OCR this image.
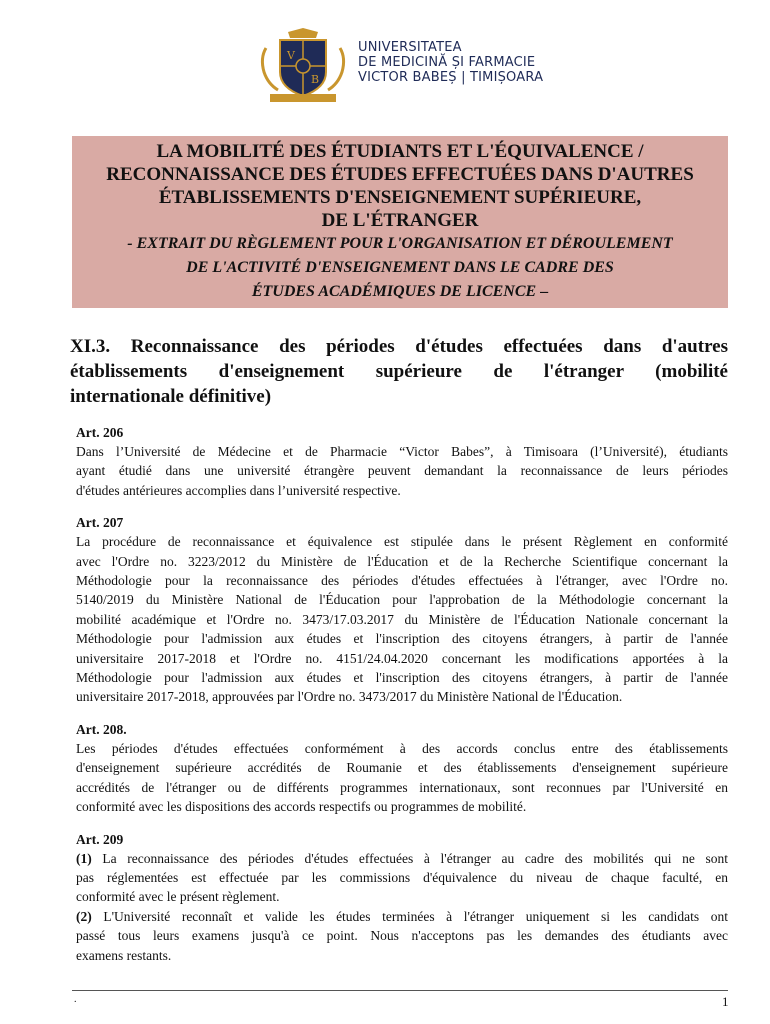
V
B
UNIVERSITATEA
DE MEDICINĂ ȘI FARMACIE
VICTOR BABEȘ | TIMIȘOARA
LA MOBILITÉ DES ÉTUDIANTS ET L'ÉQUIVALENCE /
RECONNAISSANCE DES ÉTUDES EFFECTUÉES DANS D'AUTRES
ÉTABLISSEMENTS D'ENSEIGNEMENT SUPÉRIEURE,
DE L'ÉTRANGER
- EXTRAIT DU RÈGLEMENT POUR L'ORGANISATION ET DÉROULEMENT
DE L'ACTIVITÉ D'ENSEIGNEMENT DANS LE CADRE DES
ÉTUDES ACADÉMIQUES DE LICENCE –
XI.3. Reconnaissance des périodes d'études effectuées dans d'autres
établissements d'enseignement supérieure de l'étranger (mobilité
internationale définitive)
Art. 206
Dans l’Université de Médecine et de Pharmacie “Victor Babes”, à Timisoara (l’Université), étudiants
ayant étudié dans une université étrangère peuvent demandant la reconnaissance de leurs périodes
d'études antérieures accomplies dans l’université respective.
Art. 207
La procédure de reconnaissance et équivalence est stipulée dans le présent Règlement en conformité
avec l'Ordre no. 3223/2012 du Ministère de l'Éducation et de la Recherche Scientifique concernant la
Méthodologie pour la reconnaissance des périodes d'études effectuées à l'étranger, avec l'Ordre no.
5140/2019 du Ministère National de l'Éducation pour l'approbation de la Méthodologie concernant la
mobilité académique et l'Ordre no. 3473/17.03.2017 du Ministère de l'Éducation Nationale concernant la
Méthodologie pour l'admission aux études et l'inscription des citoyens étrangers, à partir de l'année
universitaire 2017-2018 et l'Ordre no. 4151/24.04.2020 concernant les modifications apportées à la
Méthodologie pour l'admission aux études et l'inscription des citoyens étrangers, à partir de l'année
universitaire 2017-2018, approuvées par l'Ordre no. 3473/2017 du Ministère National de l'Éducation.
Art. 208.
Les périodes d'études effectuées conformément à des accords conclus entre des établissements
d'enseignement supérieure accrédités de Roumanie et des établissements d'enseignement supérieure
accrédités de l'étranger ou de différents programmes internationaux, sont reconnues par l'Université en
conformité avec les dispositions des accords respectifs ou programmes de mobilité.
Art. 209
(1) La reconnaissance des périodes d'études effectuées à l'étranger au cadre des mobilités qui ne sont
pas réglementées est effectuée par les commissions d'équivalence du niveau de chaque faculté, en
conformité avec le présent règlement.
(2) L'Université reconnaît et valide les études terminées à l'étranger uniquement si les candidats ont
passé tous leurs examens jusqu'à ce point. Nous n'acceptons pas les demandes des étudiants avec
examens restants.
.	1
